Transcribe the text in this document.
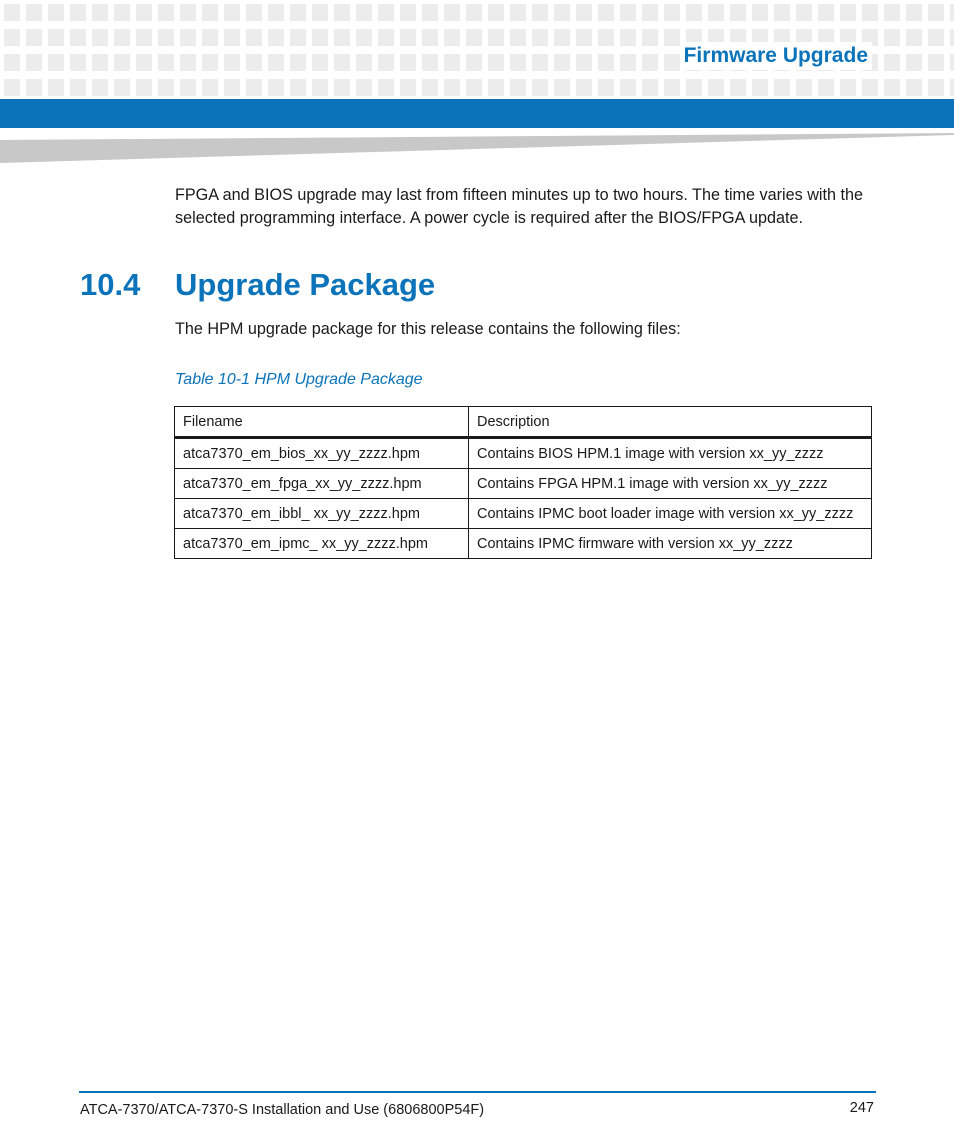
Firmware Upgrade

FPGA and BIOS upgrade may last from fifteen minutes up to two hours. The time varies with the selected programming interface. A power cycle is required after the BIOS/FPGA update.

10.4 Upgrade Package

The HPM upgrade package for this release contains the following files:

Table 10-1 HPM Upgrade Package
Filename	Description
atca7370_em_bios_xx_yy_zzzz.hpm	Contains BIOS HPM.1 image with version xx_yy_zzzz
atca7370_em_fpga_xx_yy_zzzz.hpm	Contains FPGA HPM.1 image with version xx_yy_zzzz
atca7370_em_ibbl_ xx_yy_zzzz.hpm	Contains IPMC boot loader image with version xx_yy_zzzz
atca7370_em_ipmc_ xx_yy_zzzz.hpm	Contains IPMC firmware with version xx_yy_zzzz
ATCA-7370/ATCA-7370-S Installation and Use (6806800P54F)	247
